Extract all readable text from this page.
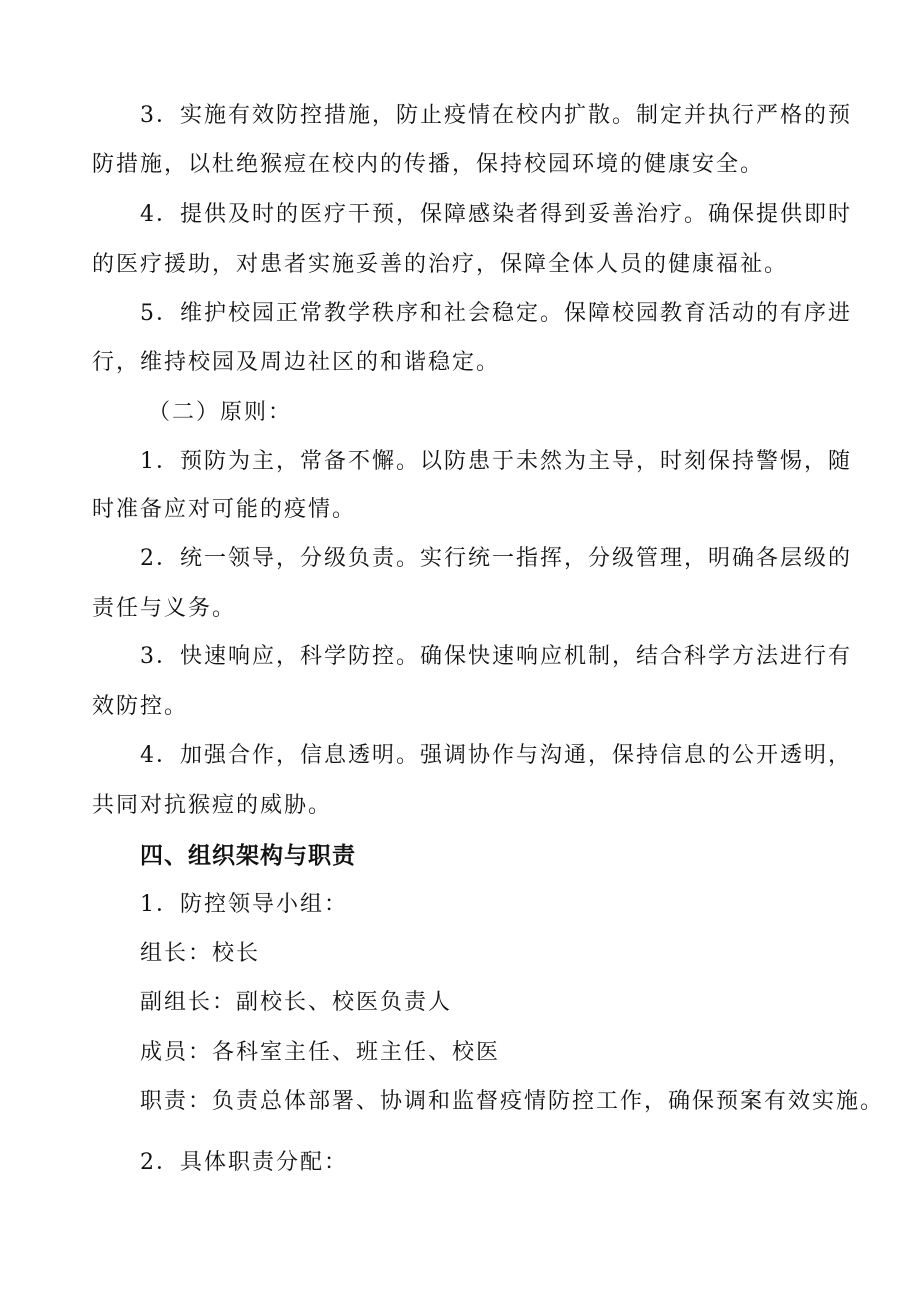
3．实施有效防控措施，防止疫情在校内扩散。制定并执行严格的预
防措施，以杜绝猴痘在校内的传播，保持校园环境的健康安全。
4．提供及时的医疗干预，保障感染者得到妥善治疗。确保提供即时
的医疗援助，对患者实施妥善的治疗，保障全体人员的健康福祉。
5．维护校园正常教学秩序和社会稳定。保障校园教育活动的有序进
行，维持校园及周边社区的和谐稳定。
（二）原则：
1．预防为主，常备不懈。以防患于未然为主导，时刻保持警惕，随
时准备应对可能的疫情。
2．统一领导，分级负责。实行统一指挥，分级管理，明确各层级的
责任与义务。
3．快速响应，科学防控。确保快速响应机制，结合科学方法进行有
效防控。
4．加强合作，信息透明。强调协作与沟通，保持信息的公开透明，
共同对抗猴痘的威胁。
四、组织架构与职责
1．防控领导小组：
组长：校长
副组长：副校长、校医负责人
成员：各科室主任、班主任、校医
职责：负责总体部署、协调和监督疫情防控工作，确保预案有效实施。
2．具体职责分配：
